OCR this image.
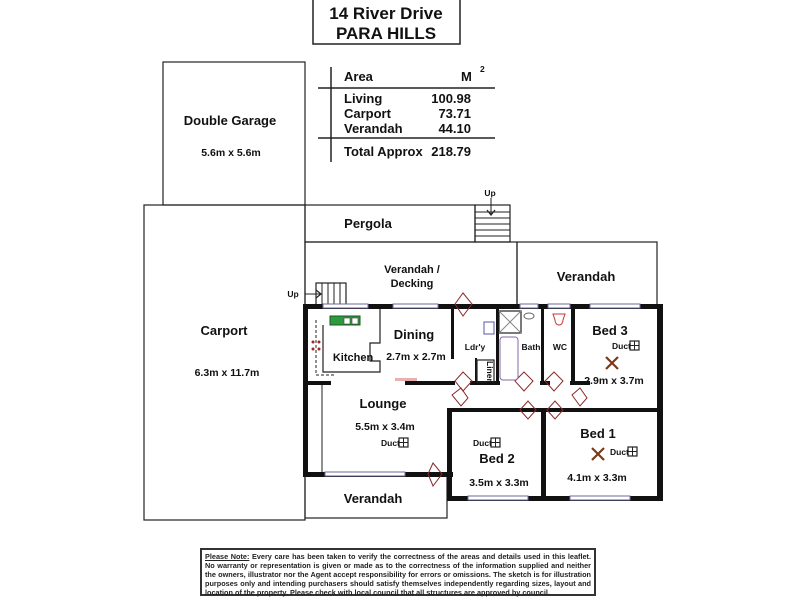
14 River Drive
PARA HILLS
Area	M 2
Living	100.98
Carport	73.71
Verandah	44.10
Total Approx 218.79
Double Garage
5.6m x 5.6m
Carport
6.3m x 11.7m
Pergola
Up
Verandah /
Decking	Verandah
Up
Verandah
Kitchen
Dining
2.7m x 2.7m
Ldr'y
Linen
Bath WC
Bed 3
2.9m x 3.7m
Lounge
5.5m x 3.4m
Bed 2
3.5m x 3.3m
Bed 1
4.1m x 3.3m
Duct
Duct	Duct
Duct
Please Note: Every care has been taken to verify the correctness of the areas and details used in this leaflet. No warranty or representation is given or made as to the correctness of the information supplied and neither the owners, illustrator nor the Agent accept responsibility for errors or omissions. The sketch is for illustration purposes only and intending purchasers should satisfy themselves independently regarding sizes, layout and location of the property. Please check with local council that all structures are approved by council.
